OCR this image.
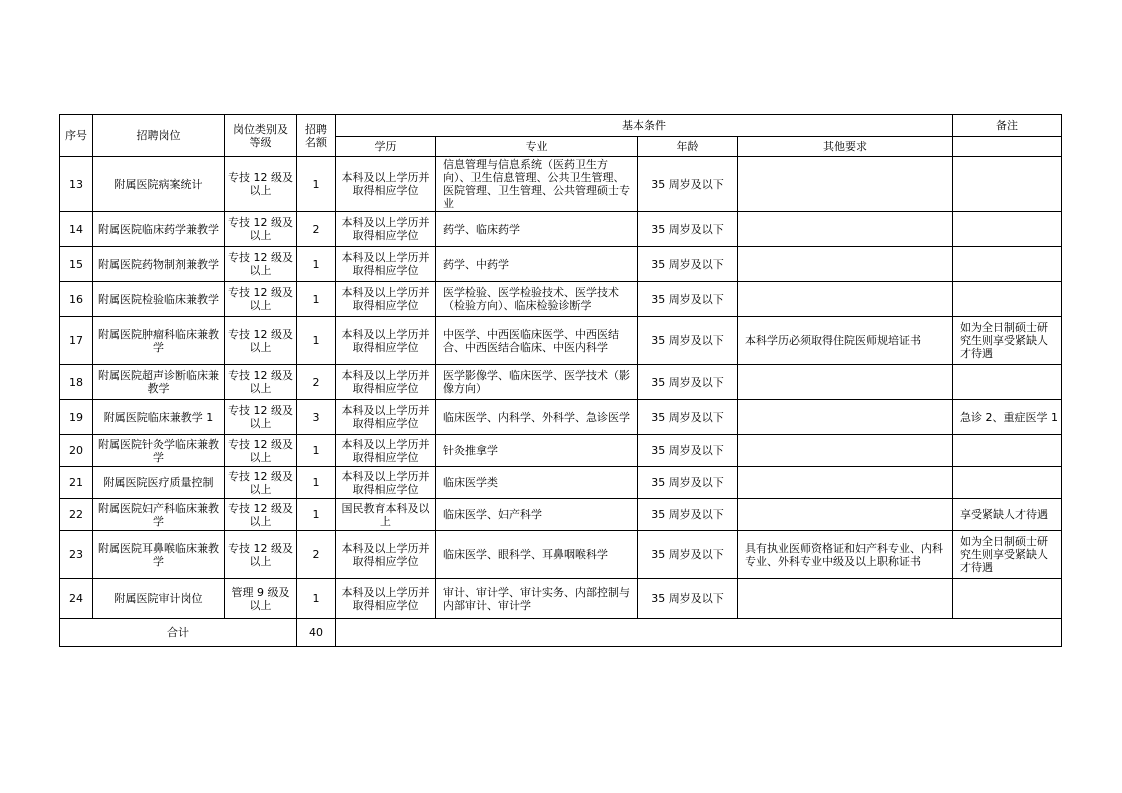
序号	招聘岗位	岗位类别及等级	招聘名额	基本条件				备注
				学历	专业	年龄	其他要求	
13	附属医院病案统计	专技 12 级及以上	1	本科及以上学历并取得相应学位	信息管理与信息系统（医药卫生方向）、卫生信息管理、公共卫生管理、医院管理、卫生管理、公共管理硕士专业	35 周岁及以下		
14	附属医院临床药学兼教学	专技 12 级及以上	2	本科及以上学历并取得相应学位	药学、临床药学	35 周岁及以下		
15	附属医院药物制剂兼教学	专技 12 级及以上	1	本科及以上学历并取得相应学位	药学、中药学	35 周岁及以下		
16	附属医院检验临床兼教学	专技 12 级及以上	1	本科及以上学历并取得相应学位	医学检验、医学检验技术、医学技术（检验方向）、临床检验诊断学	35 周岁及以下		
17	附属医院肿瘤科临床兼教学	专技 12 级及以上	1	本科及以上学历并取得相应学位	中医学、中西医临床医学、中西医结合、中西医结合临床、中医内科学	35 周岁及以下	本科学历必须取得住院医师规培证书	如为全日制硕士研究生则享受紧缺人才待遇
18	附属医院超声诊断临床兼教学	专技 12 级及以上	2	本科及以上学历并取得相应学位	医学影像学、临床医学、医学技术（影像方向）	35 周岁及以下		
19	附属医院临床兼教学 1	专技 12 级及以上	3	本科及以上学历并取得相应学位	临床医学、内科学、外科学、急诊医学	35 周岁及以下		急诊 2、重症医学 1
20	附属医院针灸学临床兼教学	专技 12 级及以上	1	本科及以上学历并取得相应学位	针灸推拿学	35 周岁及以下		
21	附属医院医疗质量控制	专技 12 级及以上	1	本科及以上学历并取得相应学位	临床医学类	35 周岁及以下		
22	附属医院妇产科临床兼教学	专技 12 级及以上	1	国民教育本科及以上	临床医学、妇产科学	35 周岁及以下		享受紧缺人才待遇
23	附属医院耳鼻喉临床兼教学	专技 12 级及以上	2	本科及以上学历并取得相应学位	临床医学、眼科学、耳鼻咽喉科学	35 周岁及以下	具有执业医师资格证和妇产科专业、内科专业、外科专业中级及以上职称证书	如为全日制硕士研究生则享受紧缺人才待遇
24	附属医院审计岗位	管理 9 级及以上	1	本科及以上学历并取得相应学位	审计、审计学、审计实务、内部控制与内部审计、审计学	35 周岁及以下		
合计			40					
